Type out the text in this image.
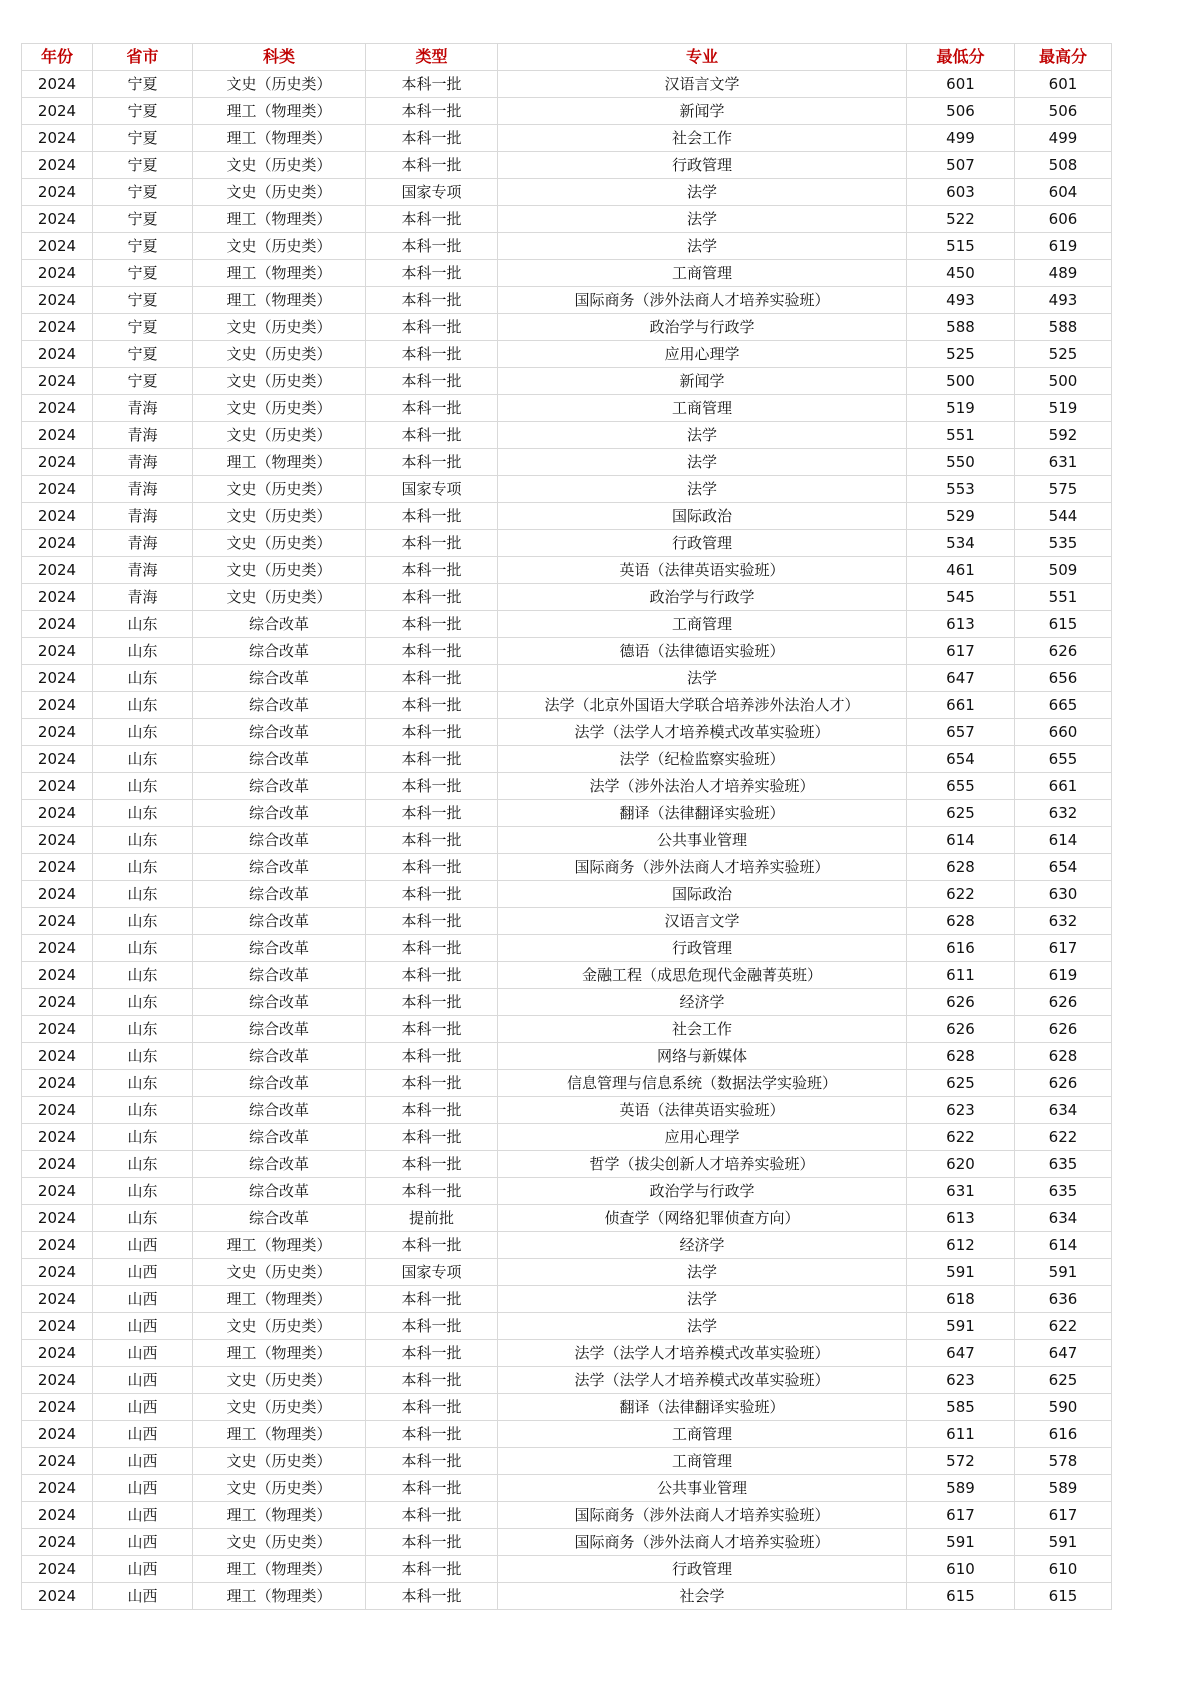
年份	省市	科类	类型	专业	最低分	最高分
2024	宁夏	文史（历史类）	本科一批	汉语言文学	601	601
2024	宁夏	理工（物理类）	本科一批	新闻学	506	506
2024	宁夏	理工（物理类）	本科一批	社会工作	499	499
2024	宁夏	文史（历史类）	本科一批	行政管理	507	508
2024	宁夏	文史（历史类）	国家专项	法学	603	604
2024	宁夏	理工（物理类）	本科一批	法学	522	606
2024	宁夏	文史（历史类）	本科一批	法学	515	619
2024	宁夏	理工（物理类）	本科一批	工商管理	450	489
2024	宁夏	理工（物理类）	本科一批	国际商务（涉外法商人才培养实验班）	493	493
2024	宁夏	文史（历史类）	本科一批	政治学与行政学	588	588
2024	宁夏	文史（历史类）	本科一批	应用心理学	525	525
2024	宁夏	文史（历史类）	本科一批	新闻学	500	500
2024	青海	文史（历史类）	本科一批	工商管理	519	519
2024	青海	文史（历史类）	本科一批	法学	551	592
2024	青海	理工（物理类）	本科一批	法学	550	631
2024	青海	文史（历史类）	国家专项	法学	553	575
2024	青海	文史（历史类）	本科一批	国际政治	529	544
2024	青海	文史（历史类）	本科一批	行政管理	534	535
2024	青海	文史（历史类）	本科一批	英语（法律英语实验班）	461	509
2024	青海	文史（历史类）	本科一批	政治学与行政学	545	551
2024	山东	综合改革	本科一批	工商管理	613	615
2024	山东	综合改革	本科一批	德语（法律德语实验班）	617	626
2024	山东	综合改革	本科一批	法学	647	656
2024	山东	综合改革	本科一批	法学（北京外国语大学联合培养涉外法治人才）	661	665
2024	山东	综合改革	本科一批	法学（法学人才培养模式改革实验班）	657	660
2024	山东	综合改革	本科一批	法学（纪检监察实验班）	654	655
2024	山东	综合改革	本科一批	法学（涉外法治人才培养实验班）	655	661
2024	山东	综合改革	本科一批	翻译（法律翻译实验班）	625	632
2024	山东	综合改革	本科一批	公共事业管理	614	614
2024	山东	综合改革	本科一批	国际商务（涉外法商人才培养实验班）	628	654
2024	山东	综合改革	本科一批	国际政治	622	630
2024	山东	综合改革	本科一批	汉语言文学	628	632
2024	山东	综合改革	本科一批	行政管理	616	617
2024	山东	综合改革	本科一批	金融工程（成思危现代金融菁英班）	611	619
2024	山东	综合改革	本科一批	经济学	626	626
2024	山东	综合改革	本科一批	社会工作	626	626
2024	山东	综合改革	本科一批	网络与新媒体	628	628
2024	山东	综合改革	本科一批	信息管理与信息系统（数据法学实验班）	625	626
2024	山东	综合改革	本科一批	英语（法律英语实验班）	623	634
2024	山东	综合改革	本科一批	应用心理学	622	622
2024	山东	综合改革	本科一批	哲学（拔尖创新人才培养实验班）	620	635
2024	山东	综合改革	本科一批	政治学与行政学	631	635
2024	山东	综合改革	提前批	侦查学（网络犯罪侦查方向）	613	634
2024	山西	理工（物理类）	本科一批	经济学	612	614
2024	山西	文史（历史类）	国家专项	法学	591	591
2024	山西	理工（物理类）	本科一批	法学	618	636
2024	山西	文史（历史类）	本科一批	法学	591	622
2024	山西	理工（物理类）	本科一批	法学（法学人才培养模式改革实验班）	647	647
2024	山西	文史（历史类）	本科一批	法学（法学人才培养模式改革实验班）	623	625
2024	山西	文史（历史类）	本科一批	翻译（法律翻译实验班）	585	590
2024	山西	理工（物理类）	本科一批	工商管理	611	616
2024	山西	文史（历史类）	本科一批	工商管理	572	578
2024	山西	文史（历史类）	本科一批	公共事业管理	589	589
2024	山西	理工（物理类）	本科一批	国际商务（涉外法商人才培养实验班）	617	617
2024	山西	文史（历史类）	本科一批	国际商务（涉外法商人才培养实验班）	591	591
2024	山西	理工（物理类）	本科一批	行政管理	610	610
2024	山西	理工（物理类）	本科一批	社会学	615	615
